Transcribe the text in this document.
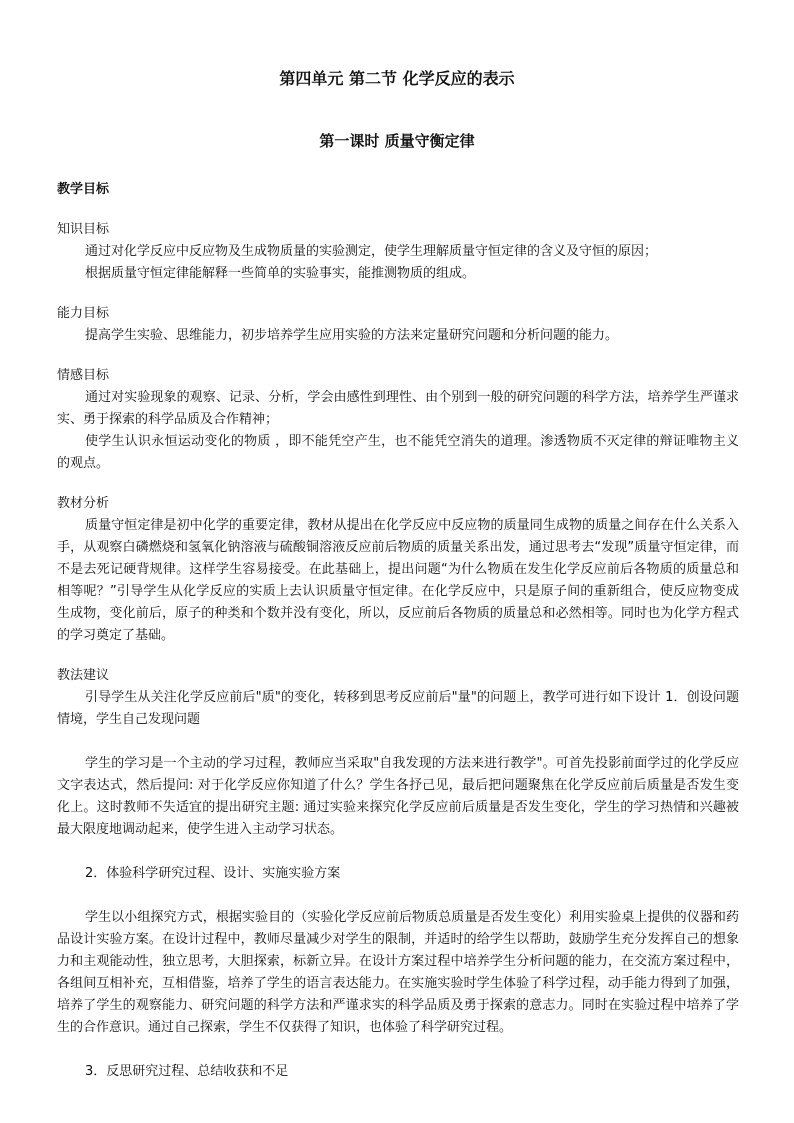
第四单元 第二节 化学反应的表示
第一课时 质量守衡定律

教学目标

知识目标

通过对化学反应中反应物及生成物质量的实验测定，使学生理解质量守恒定律的含义及守恒的原因；

根据质量守恒定律能解释一些简单的实验事实，能推测物质的组成。

能力目标

提高学生实验、思维能力，初步培养学生应用实验的方法来定量研究问题和分析问题的能力。

情感目标

通过对实验现象的观察、记录、分析，学会由感性到理性、由个别到一般的研究问题的科学方法，培养学生严谨求实、勇于探索的科学品质及合作精神；

使学生认识永恒运动变化的物质 ，即不能凭空产生，也不能凭空消失的道理。渗透物质不灭定律的辩证唯物主义的观点。

教材分析

质量守恒定律是初中化学的重要定律，教材从提出在化学反应中反应物的质量同生成物的质量之间存在什么关系入手，从观察白磷燃烧和氢氧化钠溶液与硫酸铜溶液反应前后物质的质量关系出发，通过思考去“发现”质量守恒定律，而不是去死记硬背规律。这样学生容易接受。在此基础上，提出问题“为什么物质在发生化学反应前后各物质的质量总和相等呢？”引导学生从化学反应的实质上去认识质量守恒定律。在化学反应中，只是原子间的重新组合，使反应物变成生成物，变化前后，原子的种类和个数并没有变化，所以，反应前后各物质的质量总和必然相等。同时也为化学方程式的学习奠定了基础。

教法建议

引导学生从关注化学反应前后"质"的变化，转移到思考反应前后"量"的问题上，教学可进行如下设计 1．创设问题情境，学生自己发现问题

学生的学习是一个主动的学习过程，教师应当采取"自我发现的方法来进行教学"。可首先投影前面学过的化学反应文字表达式，然后提问: 对于化学反应你知道了什么？学生各抒己见，最后把问题聚焦在化学反应前后质量是否发生变化上。这时教师不失适宜的提出研究主题: 通过实验来探究化学反应前后质量是否发生变化，学生的学习热情和兴趣被最大限度地调动起来，使学生进入主动学习状态。

2．体验科学研究过程、设计、实施实验方案

学生以小组探究方式，根据实验目的（实验化学反应前后物质总质量是否发生变化）利用实验桌上提供的仪器和药品设计实验方案。在设计过程中，教师尽量减少对学生的限制，并适时的给学生以帮助，鼓励学生充分发挥自己的想象力和主观能动性，独立思考，大胆探索，标新立异。在设计方案过程中培养学生分析问题的能力，在交流方案过程中，各组间互相补充，互相借鉴，培养了学生的语言表达能力。在实施实验时学生体验了科学过程，动手能力得到了加强，培养了学生的观察能力、研究问题的科学方法和严谨求实的科学品质及勇于探索的意志力。同时在实验过程中培养了学生的合作意识。通过自己探索，学生不仅获得了知识，也体验了科学研究过程。

3．反思研究过程、总结收获和不足
